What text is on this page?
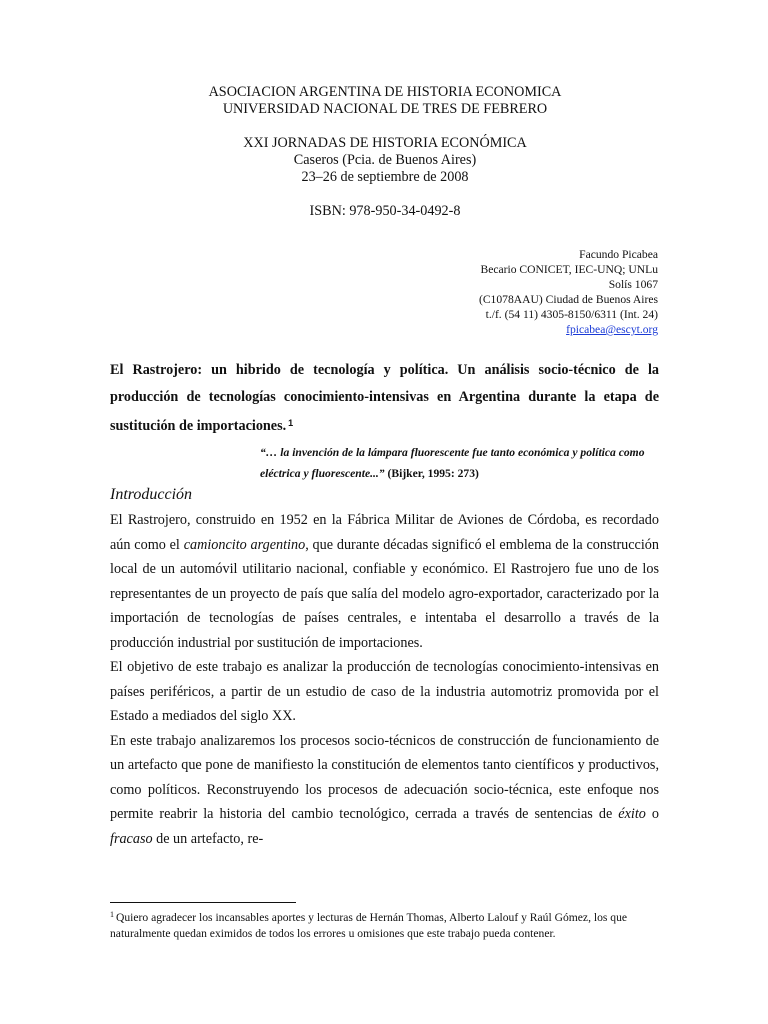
ASOCIACION ARGENTINA DE HISTORIA ECONOMICA
UNIVERSIDAD NACIONAL DE TRES DE FEBRERO
XXI JORNADAS DE HISTORIA ECONÓMICA
Caseros (Pcia. de Buenos Aires)
23–26 de septiembre de 2008
ISBN: 978-950-34-0492-8
Facundo Picabea
Becario CONICET, IEC-UNQ; UNLu
Solís 1067
(C1078AAU) Ciudad de Buenos Aires
t./f. (54 11) 4305-8150/6311 (Int. 24)
fpicabea@escyt.org
El Rastrojero: un hibrido de tecnología y política. Un análisis socio-técnico de la producción de tecnologías conocimiento-intensivas en Argentina durante la etapa de sustitución de importaciones. $^1$
“… la invención de la lámpara fluorescente fue tanto económica y política como eléctrica y fluorescente...” (Bijker, 1995: 273)
Introducción

El Rastrojero, construido en 1952 en la Fábrica Militar de Aviones de Córdoba, es recordado aún como el camioncito argentino, que durante décadas significó el emblema de la construcción local de un automóvil utilitario nacional, confiable y económico. El Rastrojero fue uno de los representantes de un proyecto de país que salía del modelo agro-exportador, caracterizado por la importación de tecnologías de países centrales, e intentaba el desarrollo a través de la producción industrial por sustitución de importaciones.

El objetivo de este trabajo es analizar la producción de tecnologías conocimiento-intensivas en países periféricos, a partir de un estudio de caso de la industria automotriz promovida por el Estado a mediados del siglo XX.

En este trabajo analizaremos los procesos socio-técnicos de construcción de funcionamiento de un artefacto que pone de manifiesto la constitución de elementos tanto científicos y productivos, como políticos. Reconstruyendo los procesos de adecuación socio-técnica, este enfoque nos permite reabrir la historia del cambio tecnológico, cerrada a través de sentencias de éxito o fracaso de un artefacto, re-

$^1$ Quiero agradecer los incansables aportes y lecturas de Hernán Thomas, Alberto Lalouf y Raúl Gómez, los que naturalmente quedan eximidos de todos los errores u omisiones que este trabajo pueda contener.
